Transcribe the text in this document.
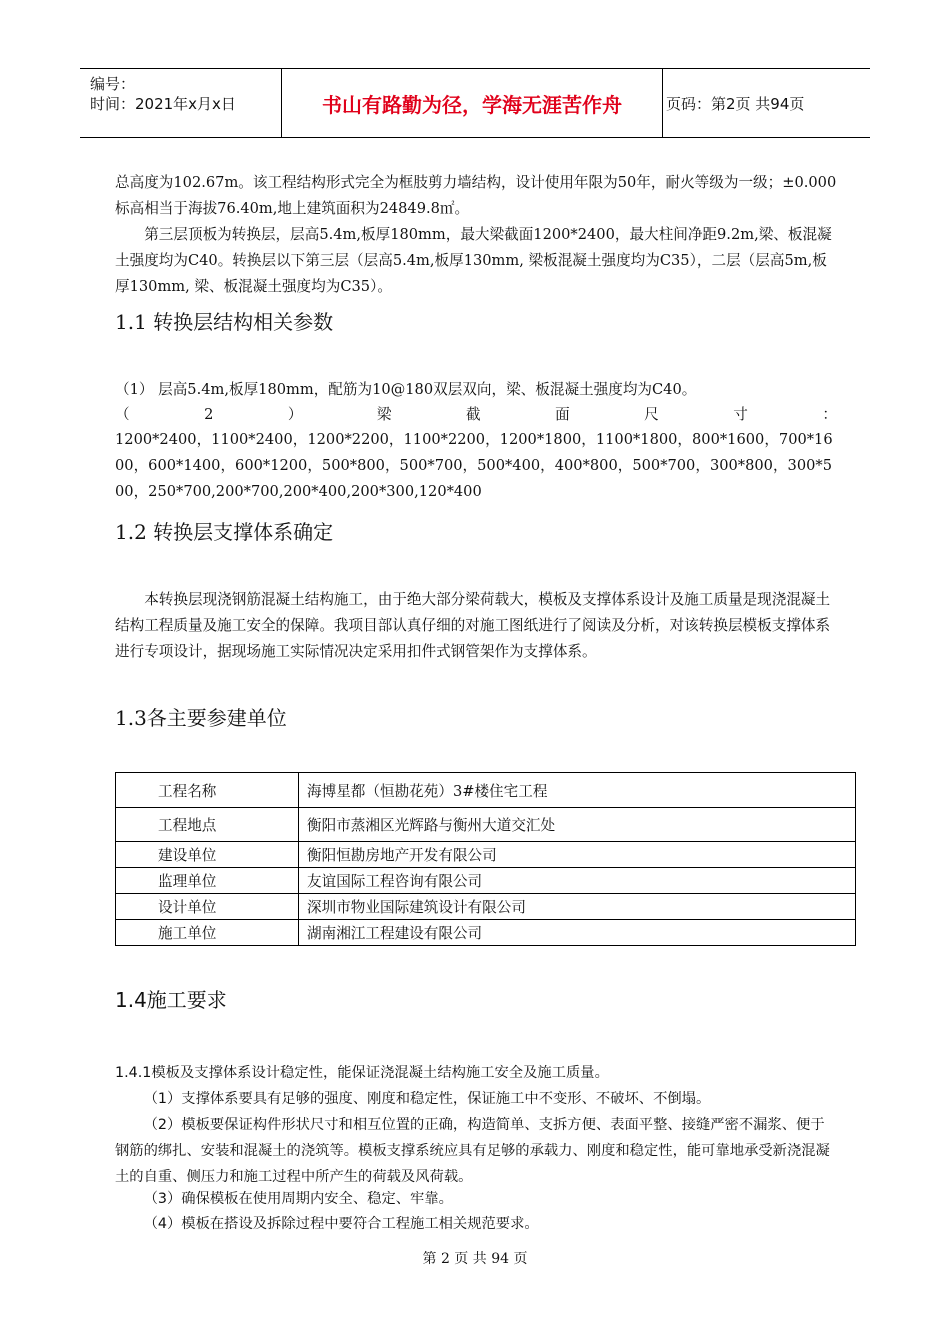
编号：
时间：2021年x月x日	书山有路勤为径，学海无涯苦作舟	页码：第2页 共94页

总高度为102.67m。该工程结构形式完全为框肢剪力墙结构，设计使用年限为50年，耐火等级为一级；±0.000标高相当于海拔76.40m,地上建筑面积为24849.8㎡。

第三层顶板为转换层，层高5.4m,板厚180mm，最大梁截面1200*2400，最大柱间净距9.2m,梁、板混凝土强度均为C40。转换层以下第三层（层高5.4m,板厚130mm, 梁板混凝土强度均为C35），二层（层高5m,板厚130mm, 梁、板混凝土强度均为C35）。

1.1 转换层结构相关参数

（1） 层高5.4m,板厚180mm，配筋为10@180双层双向，梁、板混凝土强度均为C40。

（	2	）	梁	截	面	尺	寸	：

1200*2400，1100*2400，1200*2200，1100*2200，1200*1800，1100*1800，800*1600，700*1600，600*1400，600*1200，500*800，500*700，500*400，400*800，500*700，300*800，300*500，250*700,200*700,200*400,200*300,120*400

1.2 转换层支撑体系确定

本转换层现浇钢筋混凝土结构施工，由于绝大部分梁荷载大，模板及支撑体系设计及施工质量是现浇混凝土结构工程质量及施工安全的保障。我项目部认真仔细的对施工图纸进行了阅读及分析，对该转换层模板支撑体系进行专项设计，据现场施工实际情况决定采用扣件式钢管架作为支撑体系。

1.3各主要参建单位
工程名称	海博星都（恒勘花苑）3#楼住宅工程
工程地点	衡阳市蒸湘区光辉路与衡州大道交汇处
建设单位	衡阳恒勘房地产开发有限公司
监理单位	友谊国际工程咨询有限公司
设计单位	深圳市物业国际建筑设计有限公司
施工单位	湖南湘江工程建设有限公司
1.4施工要求

1.4.1模板及支撑体系设计稳定性，能保证浇混凝土结构施工安全及施工质量。

（1）支撑体系要具有足够的强度、刚度和稳定性，保证施工中不变形、不破坏、不倒塌。

（2）模板要保证构件形状尺寸和相互位置的正确，构造简单、支拆方便、表面平整、接缝严密不漏浆、便于钢筋的绑扎、安装和混凝土的浇筑等。模板支撑系统应具有足够的承载力、刚度和稳定性，能可靠地承受新浇混凝土的自重、侧压力和施工过程中所产生的荷载及风荷载。

（3）确保模板在使用周期内安全、稳定、牢靠。

（4）模板在搭设及拆除过程中要符合工程施工相关规范要求。

第 2 页 共 94 页
